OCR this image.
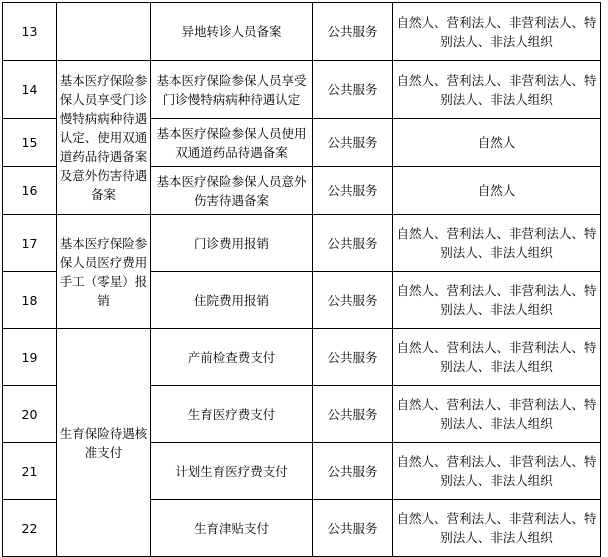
13		异地转诊人员备案	公共服务	自然人、营利法人、非营利法人、特别法人、非法人组织
14	基本医疗保险参保人员享受门诊慢特病病种待遇认定、使用双通道药品待遇备案及意外伤害待遇备案	基本医疗保险参保人员享受门诊慢特病病种待遇认定	公共服务	自然人、营利法人、非营利法人、特别法人、非法人组织
15		基本医疗保险参保人员使用双通道药品待遇备案	公共服务	自然人
16		基本医疗保险参保人员意外伤害待遇备案	公共服务	自然人
17	基本医疗保险参保人员医疗费用手工（零星）报销	门诊费用报销	公共服务	自然人、营利法人、非营利法人、特别法人、非法人组织
18		住院费用报销	公共服务	自然人、营利法人、非营利法人、特别法人、非法人组织
19	生育保险待遇核准支付	产前检查费支付	公共服务	自然人、营利法人、非营利法人、特别法人、非法人组织
20		生育医疗费支付	公共服务	自然人、营利法人、非营利法人、特别法人、非法人组织
21		计划生育医疗费支付	公共服务	自然人、营利法人、非营利法人、特别法人、非法人组织
22		生育津贴支付	公共服务	自然人、营利法人、非营利法人、特别法人、非法人组织
